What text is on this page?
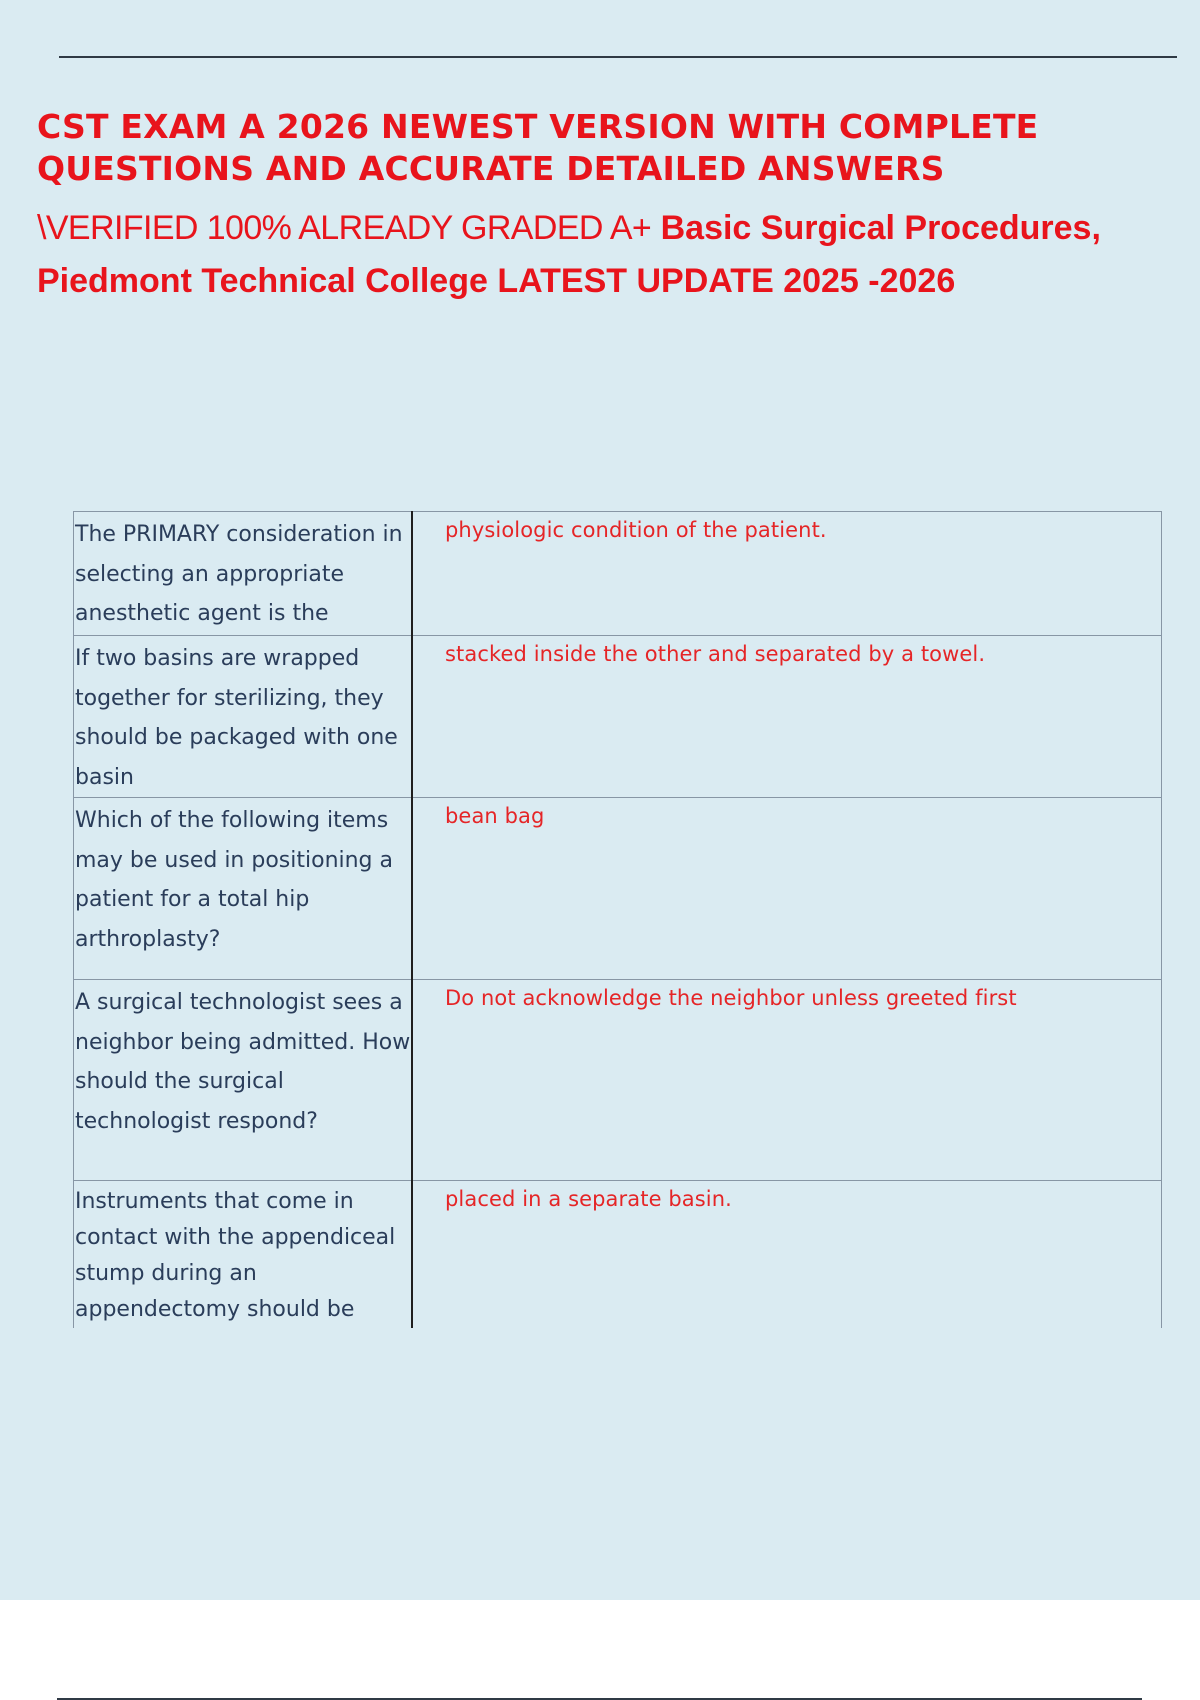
CST EXAM A 2026 NEWEST VERSION WITH COMPLETE
QUESTIONS AND ACCURATE DETAILED ANSWERS
\VERIFIED 100% ALREADY GRADED A+ Basic Surgical Procedures, Piedmont Technical College LATEST UPDATE 2025 -2026
The PRIMARY consideration in selecting an appropriate anesthetic agent is the	physiologic condition of the patient.
If two basins are wrapped together for sterilizing, they should be packaged with one basin	stacked inside the other and separated by a towel.
Which of the following items may be used in positioning a patient for a total hip arthroplasty?	bean bag
A surgical technologist sees a neighbor being admitted. How should the surgical technologist respond?	Do not acknowledge the neighbor unless greeted first
Instruments that come in contact with the appendiceal stump during an appendectomy should be	placed in a separate basin.
